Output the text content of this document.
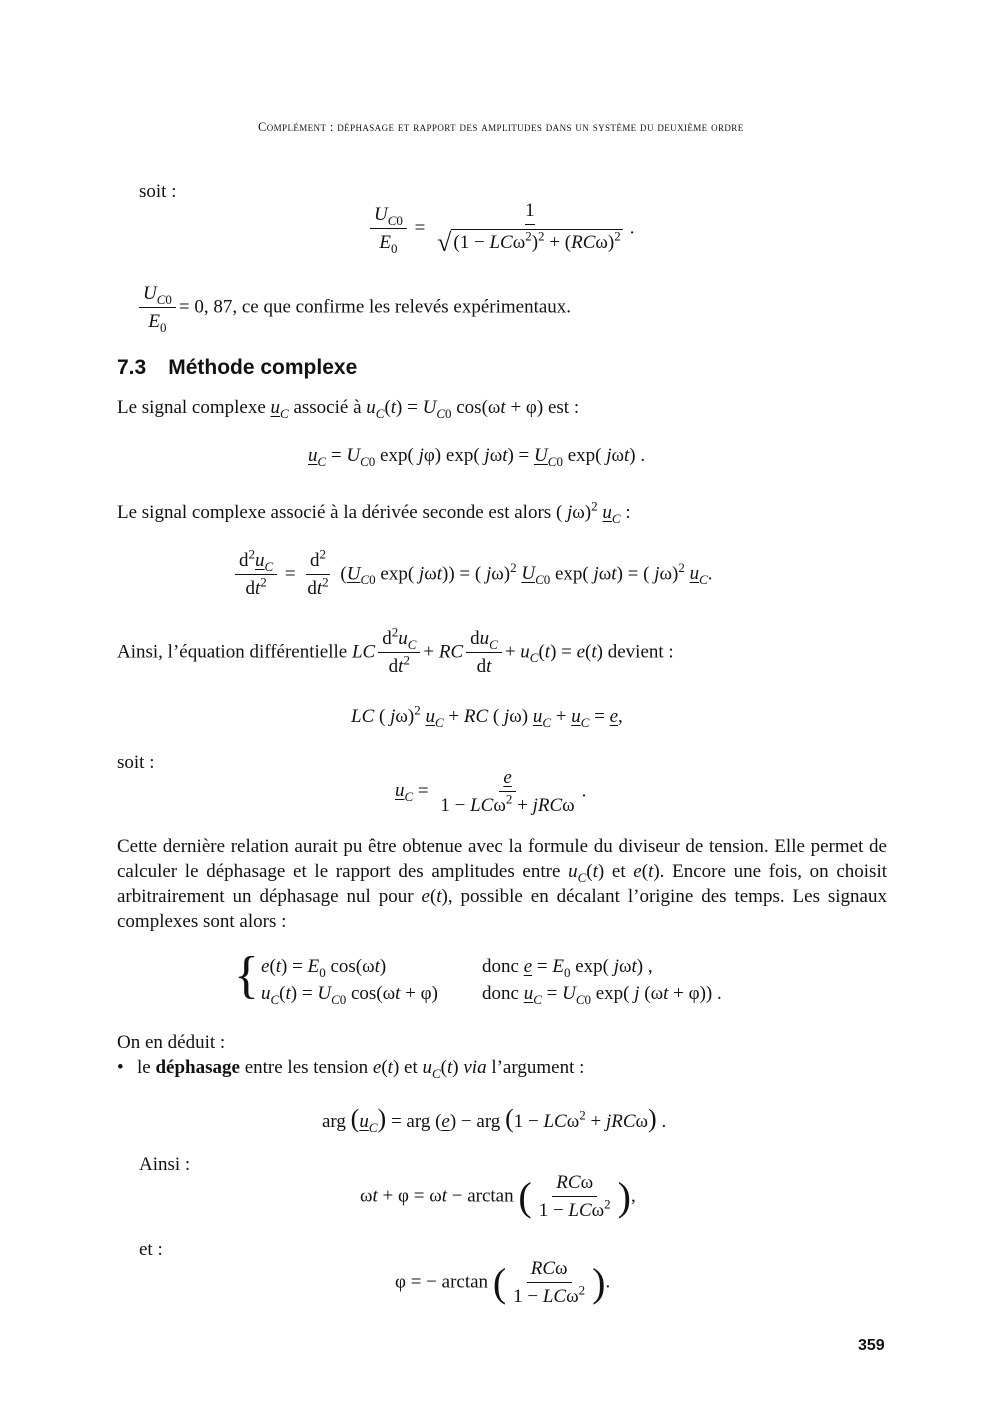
Complément : déphasage et rapport des amplitudes dans un système du deuxième ordre
soit :
$\frac{U_{C0}}{E_0} = \frac{1}{√ (1 - LC\omega^2)^2 + (RC\omega)^2}$ .
$\frac{U_{C0}}{E_0} = 0$, 87, ce que confirme les relevés expérimentaux.
7.3 Méthode complexe
Le signal complexe $u_C$ associé à $u_C(t) = U_{C0}$ cos(ωt + φ) est :
$u_C = U_{C0}$ exp( jφ) exp( $j\omega t) = U_{C0}$ exp( jωt) .
Le signal complexe associé à la dérivée seconde est alors ( jω)$^2$ $u_C$ :
$\frac{d^2u_C}{dt^2} = \frac{d^2}{dt^2} (U_{C0}$ exp( jωt)) = ( jω)$^2$ $U_{C0}$ exp( jωt) = ( jω)$^2$ $u_C$.
Ainsi, l’équation différentielle LC $\frac{d^2u_C}{dt^2}$ + RC $\frac{du_C}{dt} + u_C(t) = e(t)$ devient :
LC ( jω)$^2$ $u_C$ + RC ( jω) $u_C + u_C = e$,
soit :
$u_C = \frac{e}{1 - LC\omega^2 + jRC\omega}$ .
Cette dernière relation aurait pu être obtenue avec la formule du diviseur de tension. Elle permet de calculer le déphasage et le rapport des amplitudes entre $u_C(t)$ et e(t). Encore une fois, on choisit arbitrairement un déphasage nul pour e(t), possible en décalant l’origine des temps. Les signaux complexes sont alors :
{ $e(t) = E_0$ cos(ωt)	donc $e = E_0$ exp( jωt) ,
$u_C(t) = U_{C0}$ cos(ωt + φ) donc $u_C = U_{C0}$ exp( j (ωt + φ)) .
On en déduit :
• le déphasage entre les tension e(t) et $u_C(t)$ via l’argument :
arg $(u_C)$ = arg (e) − arg (1 − LCω$^2$ + jRCω) .
Ainsi :
ωt + φ = ωt − arctan ( $\frac{\text{RCω}}{1 - LC\omega^2}$ ),
et :
φ = − arctan ( $\frac{\text{RCω}}{1 - LC\omega^2}$ ).
359
